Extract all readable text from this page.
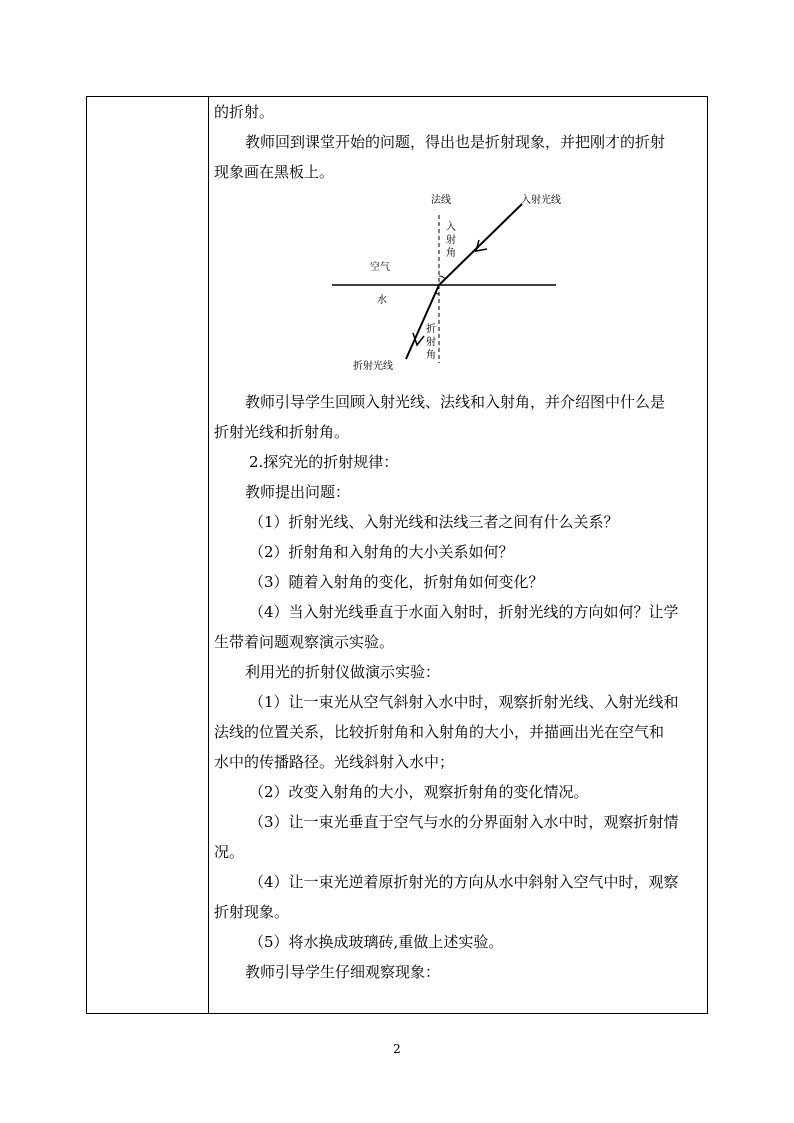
的折射。
教师回到课堂开始的问题，得出也是折射现象，并把刚才的折射
现象画在黑板上。
法线	入射光线
入
射
角
空气
水
折
射
角
折射光线
教师引导学生回顾入射光线、法线和入射角，并介绍图中什么是
折射光线和折射角。
2.探究光的折射规律：
教师提出问题：
（1）折射光线、入射光线和法线三者之间有什么关系？
（2）折射角和入射角的大小关系如何？
（3）随着入射角的变化，折射角如何变化？
（4）当入射光线垂直于水面入射时，折射光线的方向如何？让学
生带着问题观察演示实验。
利用光的折射仪做演示实验：
（1）让一束光从空气斜射入水中时，观察折射光线、入射光线和
法线的位置关系，比较折射角和入射角的大小，并描画出光在空气和
水中的传播路径。光线斜射入水中；
（2）改变入射角的大小，观察折射角的变化情况。
（3）让一束光垂直于空气与水的分界面射入水中时，观察折射情
况。
（4）让一束光逆着原折射光的方向从水中斜射入空气中时，观察
折射现象。
（5）将水换成玻璃砖,重做上述实验。
教师引导学生仔细观察现象：
2
